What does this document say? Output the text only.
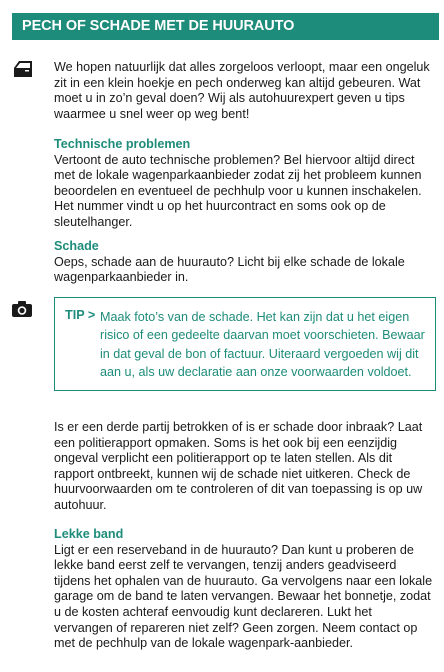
PECH OF SCHADE MET DE HUURAUTO

We hopen natuurlijk dat alles zorgeloos verloopt, maar een ongeluk zit in een klein hoekje en pech onderweg kan altijd gebeuren. Wat moet u in zo’n geval doen? Wij als autohuurexpert geven u tips waarmee u snel weer op weg bent!

Technische problemen

Vertoont de auto technische problemen? Bel hiervoor altijd direct met de lokale wagenparkaanbieder zodat zij het probleem kunnen beoordelen en eventueel de pechhulp voor u kunnen inschakelen. Het nummer vindt u op het huurcontract en soms ook op de sleutelhanger.

Schade

Oeps, schade aan de huurauto? Licht bij elke schade de lokale wagenparkaanbieder in.

TIP > Maak foto’s van de schade. Het kan zijn dat u het eigen risico of een gedeelte daarvan moet voorschieten. Bewaar in dat geval de bon of factuur. Uiteraard vergoeden wij dit aan u, als uw declaratie aan onze voorwaarden voldoet.

Is er een derde partij betrokken of is er schade door inbraak? Laat een politierapport opmaken. Soms is het ook bij een eenzijdig ongeval verplicht een politierapport op te laten stellen. Als dit rapport ontbreekt, kunnen wij de schade niet uitkeren. Check de huurvoorwaarden om te controleren of dit van toepassing is op uw autohuur.

Lekke band

Ligt er een reserveband in de huurauto? Dan kunt u proberen de lekke band eerst zelf te vervangen, tenzij anders geadviseerd tijdens het ophalen van de huurauto. Ga vervolgens naar een lokale garage om de band te laten vervangen. Bewaar het bonnetje, zodat u de kosten achteraf eenvoudig kunt declareren. Lukt het vervangen of repareren niet zelf? Geen zorgen. Neem contact op met de pechhulp van de lokale wagenpark-aanbieder.
